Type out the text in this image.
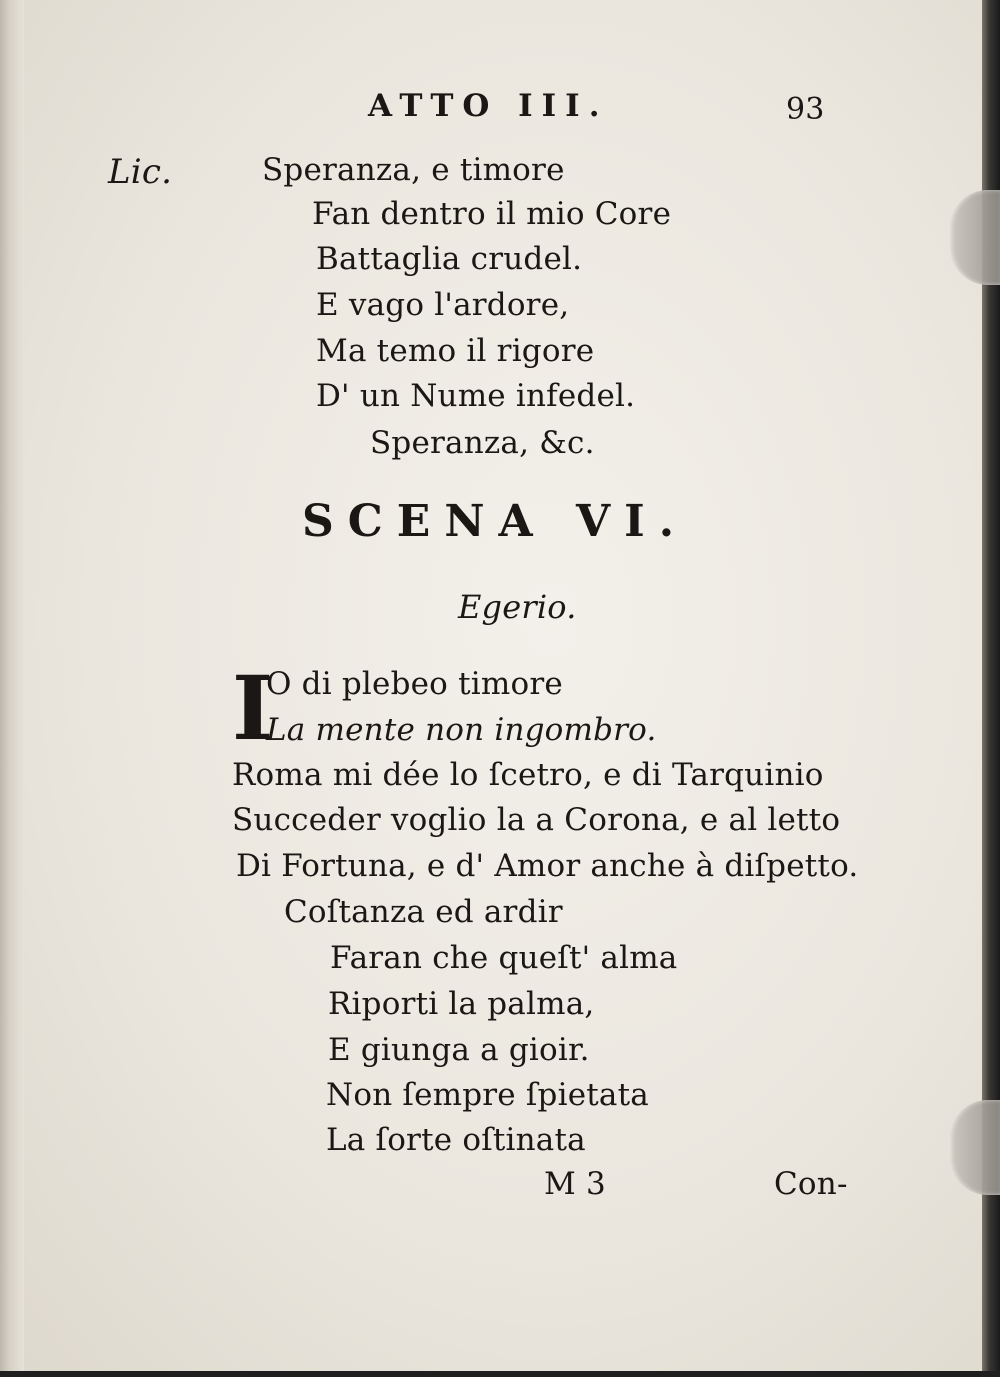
ATTO III.	93
Lic.	Speranza, e timore
Fan dentro il mio Core
Battaglia crudel.
E vago l'ardore,
Ma temo il rigore
D' un Nume infedel.
Speranza, &c.
SCENA VI.
Egerio.
I
O di plebeo timore
La mente non ingombro.
Roma mi dée lo ſcetro, e di Tarquinio
Succeder voglio la a Corona, e al letto
Di Fortuna, e d' Amor anche à diſpetto.
Coſtanza ed ardir
Faran che queſt' alma
Riporti la palma,
E giunga a gioir.
Non ſempre ſpietata
La ſorte oſtinata
M 3	Con-
